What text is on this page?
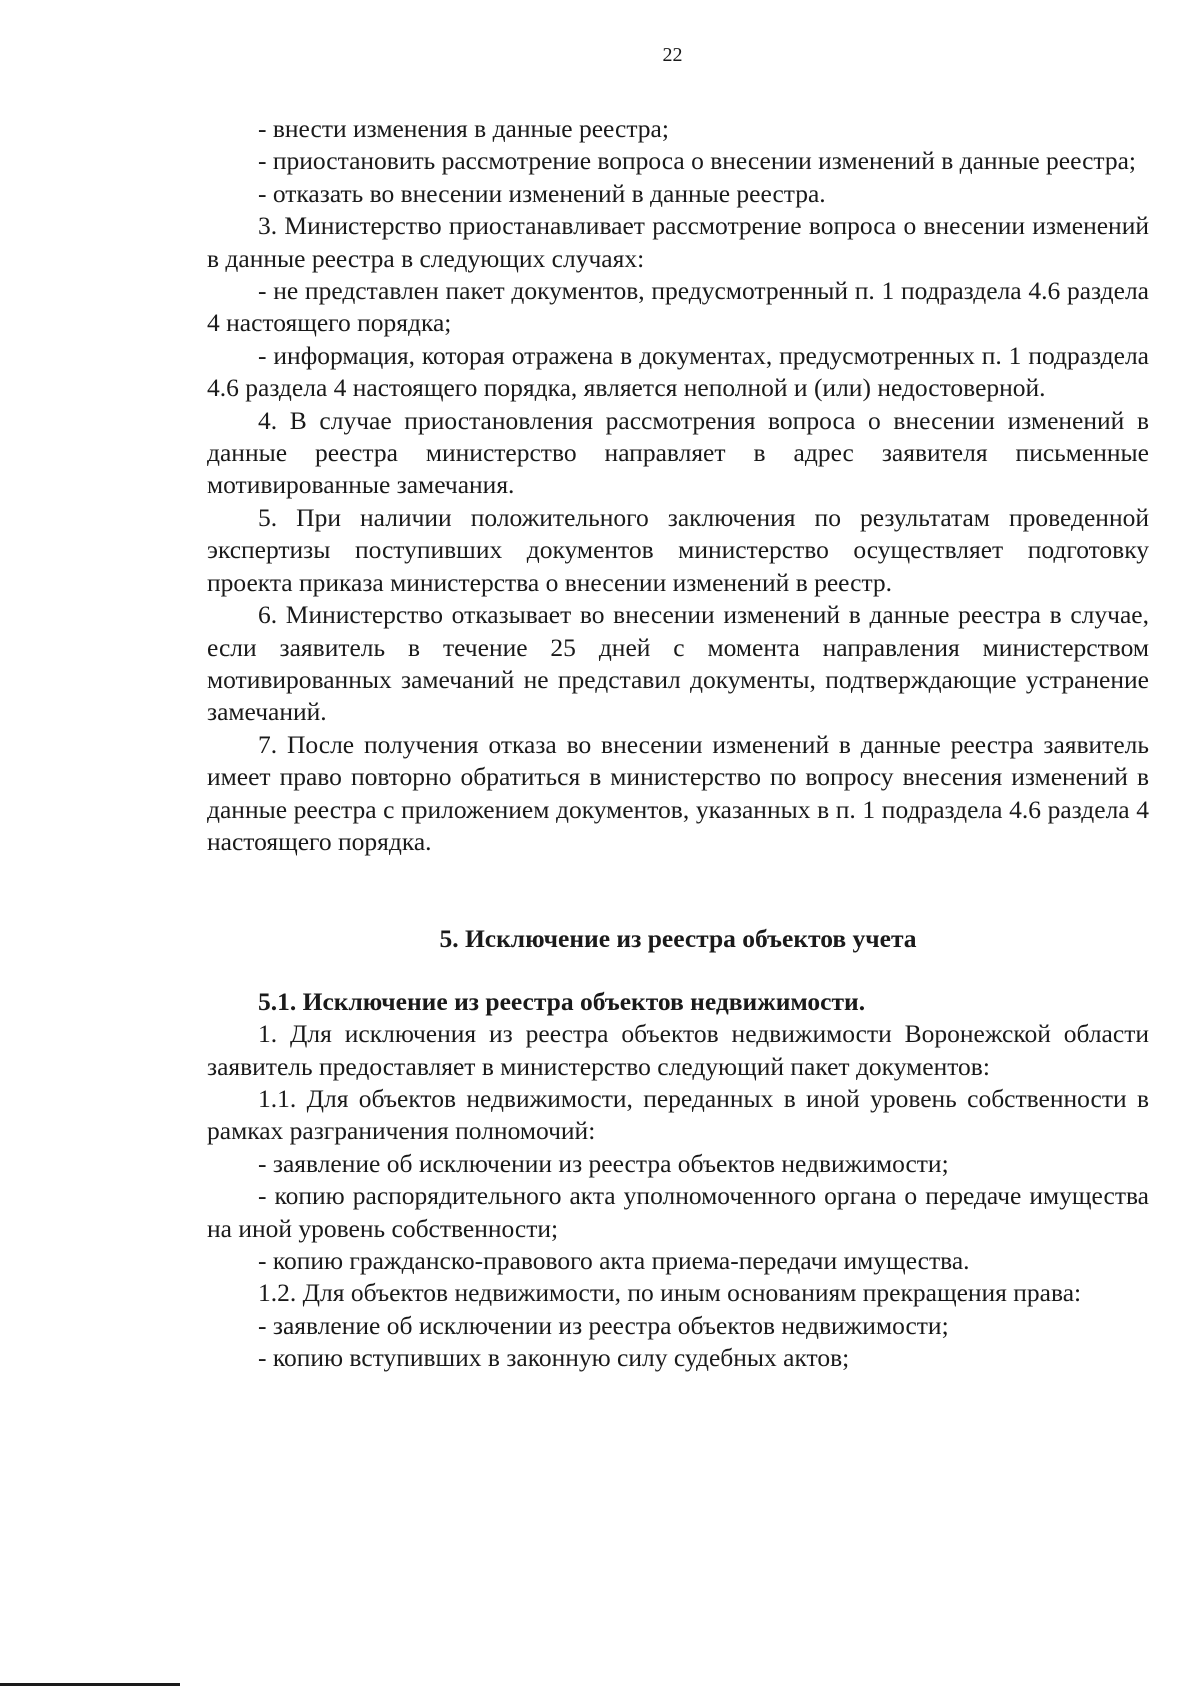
22

- внести изменения в данные реестра;

- приостановить рассмотрение вопроса о внесении изменений в данные реестра;

- отказать во внесении изменений в данные реестра.

3. Министерство приостанавливает рассмотрение вопроса о внесении изменений в данные реестра в следующих случаях:

- не представлен пакет документов, предусмотренный п. 1 подраздела 4.6 раздела 4 настоящего порядка;

- информация, которая отражена в документах, предусмотренных п. 1 подраздела 4.6 раздела 4 настоящего порядка, является неполной и (или) недостоверной.

4. В случае приостановления рассмотрения вопроса о внесении изменений в данные реестра министерство направляет в адрес заявителя письменные мотивированные замечания.

5. При наличии положительного заключения по результатам проведенной экспертизы поступивших документов министерство осуществляет подготовку проекта приказа министерства о внесении изменений в реестр.

6. Министерство отказывает во внесении изменений в данные реестра в случае, если заявитель в течение 25 дней с момента направления министерством мотивированных замечаний не представил документы, подтверждающие устранение замечаний.

7. После получения отказа во внесении изменений в данные реестра заявитель имеет право повторно обратиться в министерство по вопросу внесения изменений в данные реестра с приложением документов, указанных в п. 1 подраздела 4.6 раздела 4 настоящего порядка.

5. Исключение из реестра объектов учета

5.1. Исключение из реестра объектов недвижимости.

1. Для исключения из реестра объектов недвижимости Воронежской области заявитель предоставляет в министерство следующий пакет документов:

1.1. Для объектов недвижимости, переданных в иной уровень собственности в рамках разграничения полномочий:

- заявление об исключении из реестра объектов недвижимости;

- копию распорядительного акта уполномоченного органа о передаче имущества на иной уровень собственности;

- копию гражданско-правового акта приема-передачи имущества.

1.2. Для объектов недвижимости, по иным основаниям прекращения права:

- заявление об исключении из реестра объектов недвижимости;

- копию вступивших в законную силу судебных актов;
